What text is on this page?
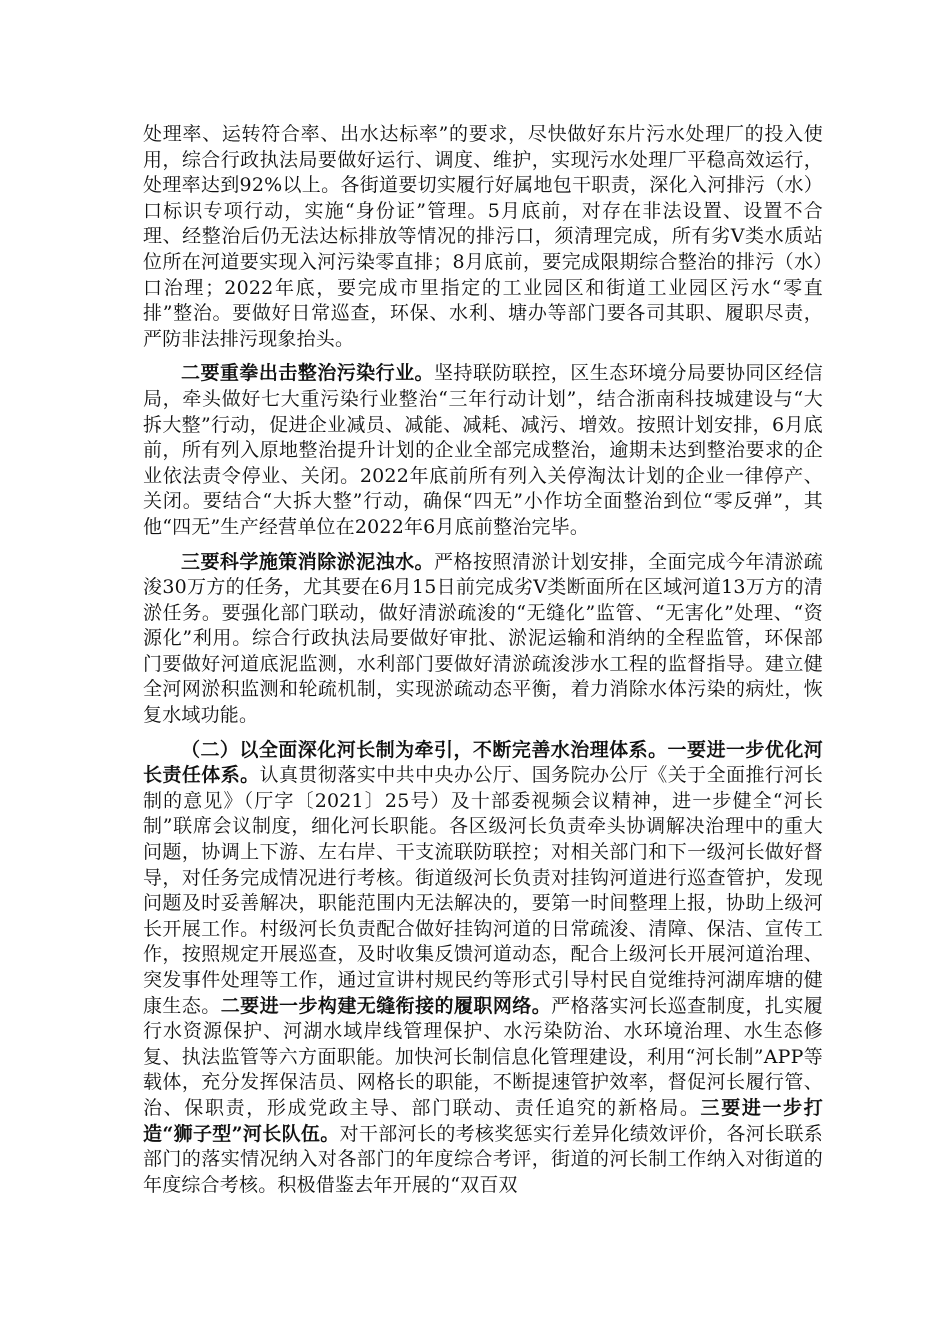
处理率、运转符合率、出水达标率”的要求，尽快做好东片污水处理厂的投入使用，综合行政执法局要做好运行、调度、维护，实现污水处理厂平稳高效运行，处理率达到92%以上。各街道要切实履行好属地包干职责，深化入河排污（水）口标识专项行动，实施“身份证”管理。5月底前，对存在非法设置、设置不合理、经整治后仍无法达标排放等情况的排污口，须清理完成，所有劣Ⅴ类水质站位所在河道要实现入河污染零直排；8月底前，要完成限期综合整治的排污（水）口治理；2022年底，要完成市里指定的工业园区和街道工业园区污水“零直排”整治。要做好日常巡查，环保、水利、塘办等部门要各司其职、履职尽责，严防非法排污现象抬头。

二要重拳出击整治污染行业。坚持联防联控，区生态环境分局要协同区经信局，牵头做好七大重污染行业整治“三年行动计划”，结合浙南科技城建设与“大拆大整”行动，促进企业减员、减能、减耗、减污、增效。按照计划安排，6月底前，所有列入原地整治提升计划的企业全部完成整治，逾期未达到整治要求的企业依法责令停业、关闭。2022年底前所有列入关停淘汰计划的企业一律停产、关闭。要结合“大拆大整”行动，确保“四无”小作坊全面整治到位“零反弹”，其他“四无”生产经营单位在2022年6月底前整治完毕。

三要科学施策消除淤泥浊水。严格按照清淤计划安排，全面完成今年清淤疏浚30万方的任务，尤其要在6月15日前完成劣Ⅴ类断面所在区域河道13万方的清淤任务。要强化部门联动，做好清淤疏浚的“无缝化”监管、“无害化”处理、“资源化”利用。综合行政执法局要做好审批、淤泥运输和消纳的全程监管，环保部门要做好河道底泥监测，水利部门要做好清淤疏浚涉水工程的监督指导。建立健全河网淤积监测和轮疏机制，实现淤疏动态平衡，着力消除水体污染的病灶，恢复水域功能。

（二）以全面深化河长制为牵引，不断完善水治理体系。一要进一步优化河长责任体系。认真贯彻落实中共中央办公厅、国务院办公厅《关于全面推行河长制的意见》（厅字〔2021〕25号）及十部委视频会议精神，进一步健全“河长制”联席会议制度，细化河长职能。各区级河长负责牵头协调解决治理中的重大问题，协调上下游、左右岸、干支流联防联控；对相关部门和下一级河长做好督导，对任务完成情况进行考核。街道级河长负责对挂钩河道进行巡查管护，发现问题及时妥善解决，职能范围内无法解决的，要第一时间整理上报，协助上级河长开展工作。村级河长负责配合做好挂钩河道的日常疏浚、清障、保洁、宣传工作，按照规定开展巡查，及时收集反馈河道动态，配合上级河长开展河道治理、突发事件处理等工作，通过宣讲村规民约等形式引导村民自觉维持河湖库塘的健康生态。二要进一步构建无缝衔接的履职网络。严格落实河长巡查制度，扎实履行水资源保护、河湖水域岸线管理保护、水污染防治、水环境治理、水生态修复、执法监管等六方面职能。加快河长制信息化管理建设，利用“河长制”APP等载体，充分发挥保洁员、网格长的职能，不断提速管护效率，督促河长履行管、治、保职责，形成党政主导、部门联动、责任追究的新格局。三要进一步打造“狮子型”河长队伍。对干部河长的考核奖惩实行差异化绩效评价，各河长联系部门的落实情况纳入对各部门的年度综合考评，街道的河长制工作纳入对街道的年度综合考核。积极借鉴去年开展的“双百双
